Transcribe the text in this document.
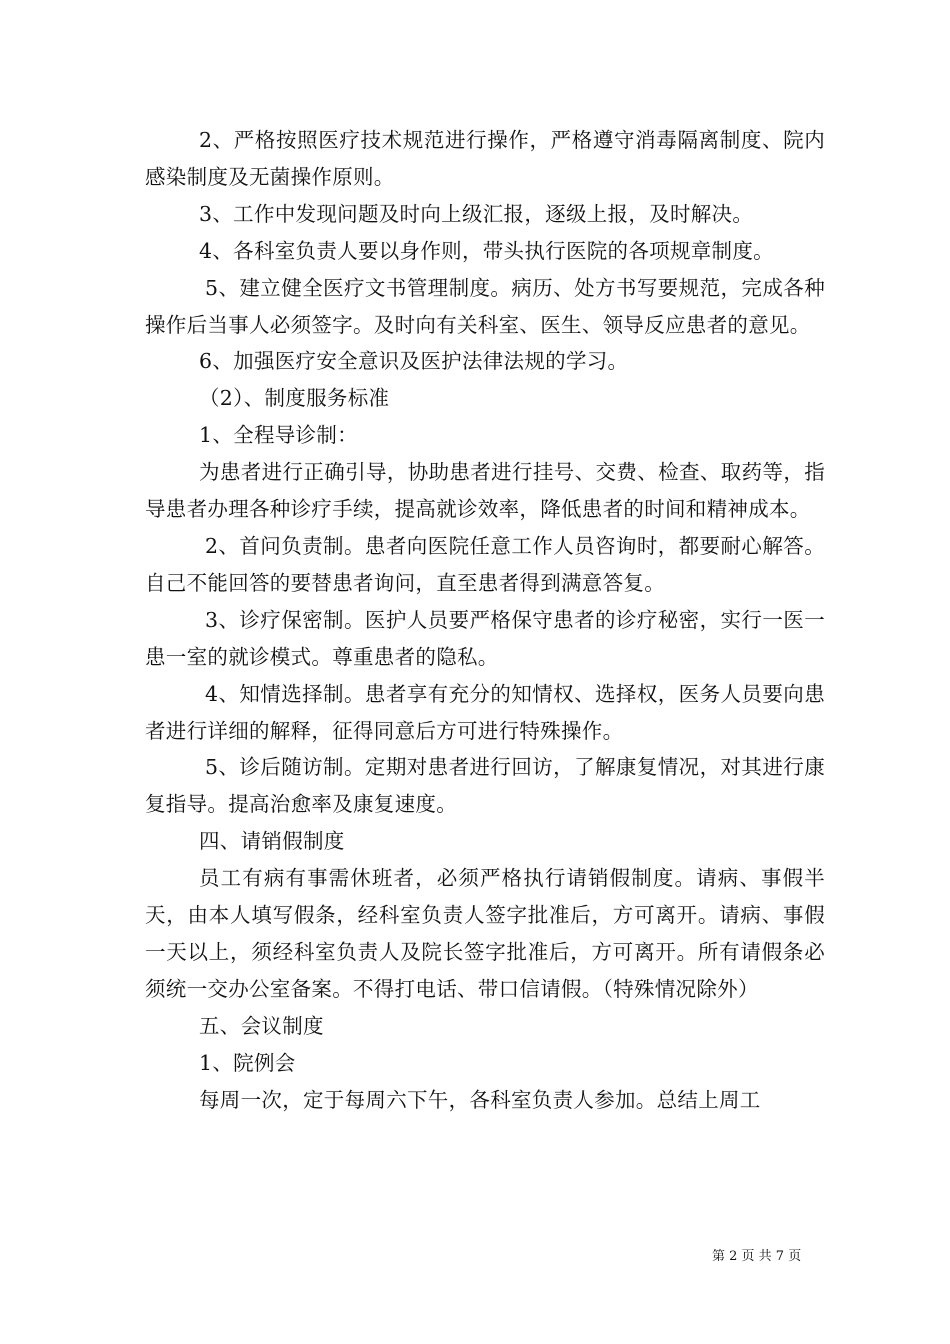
2、严格按照医疗技术规范进行操作，严格遵守消毒隔离制度、院内感染制度及无菌操作原则。

3、工作中发现问题及时向上级汇报，逐级上报，及时解决。

4、各科室负责人要以身作则，带头执行医院的各项规章制度。

5、建立健全医疗文书管理制度。病历、处方书写要规范，完成各种操作后当事人必须签字。及时向有关科室、医生、领导反应患者的意见。

6、加强医疗安全意识及医护法律法规的学习。

（2）、制度服务标准

1、全程导诊制：

为患者进行正确引导，协助患者进行挂号、交费、检查、取药等，指导患者办理各种诊疗手续，提高就诊效率，降低患者的时间和精神成本。

2、首问负责制。患者向医院任意工作人员咨询时，都要耐心解答。自己不能回答的要替患者询问，直至患者得到满意答复。

3、诊疗保密制。医护人员要严格保守患者的诊疗秘密，实行一医一患一室的就诊模式。尊重患者的隐私。

4、知情选择制。患者享有充分的知情权、选择权，医务人员要向患者进行详细的解释，征得同意后方可进行特殊操作。

5、诊后随访制。定期对患者进行回访，了解康复情况，对其进行康复指导。提高治愈率及康复速度。

四、请销假制度

员工有病有事需休班者，必须严格执行请销假制度。请病、事假半天，由本人填写假条，经科室负责人签字批准后，方可离开。请病、事假一天以上，须经科室负责人及院长签字批准后，方可离开。所有请假条必须统一交办公室备案。不得打电话、带口信请假。（特殊情况除外）

五、会议制度

1、院例会

每周一次，定于每周六下午，各科室负责人参加。总结上周工

第 2 页 共 7 页
